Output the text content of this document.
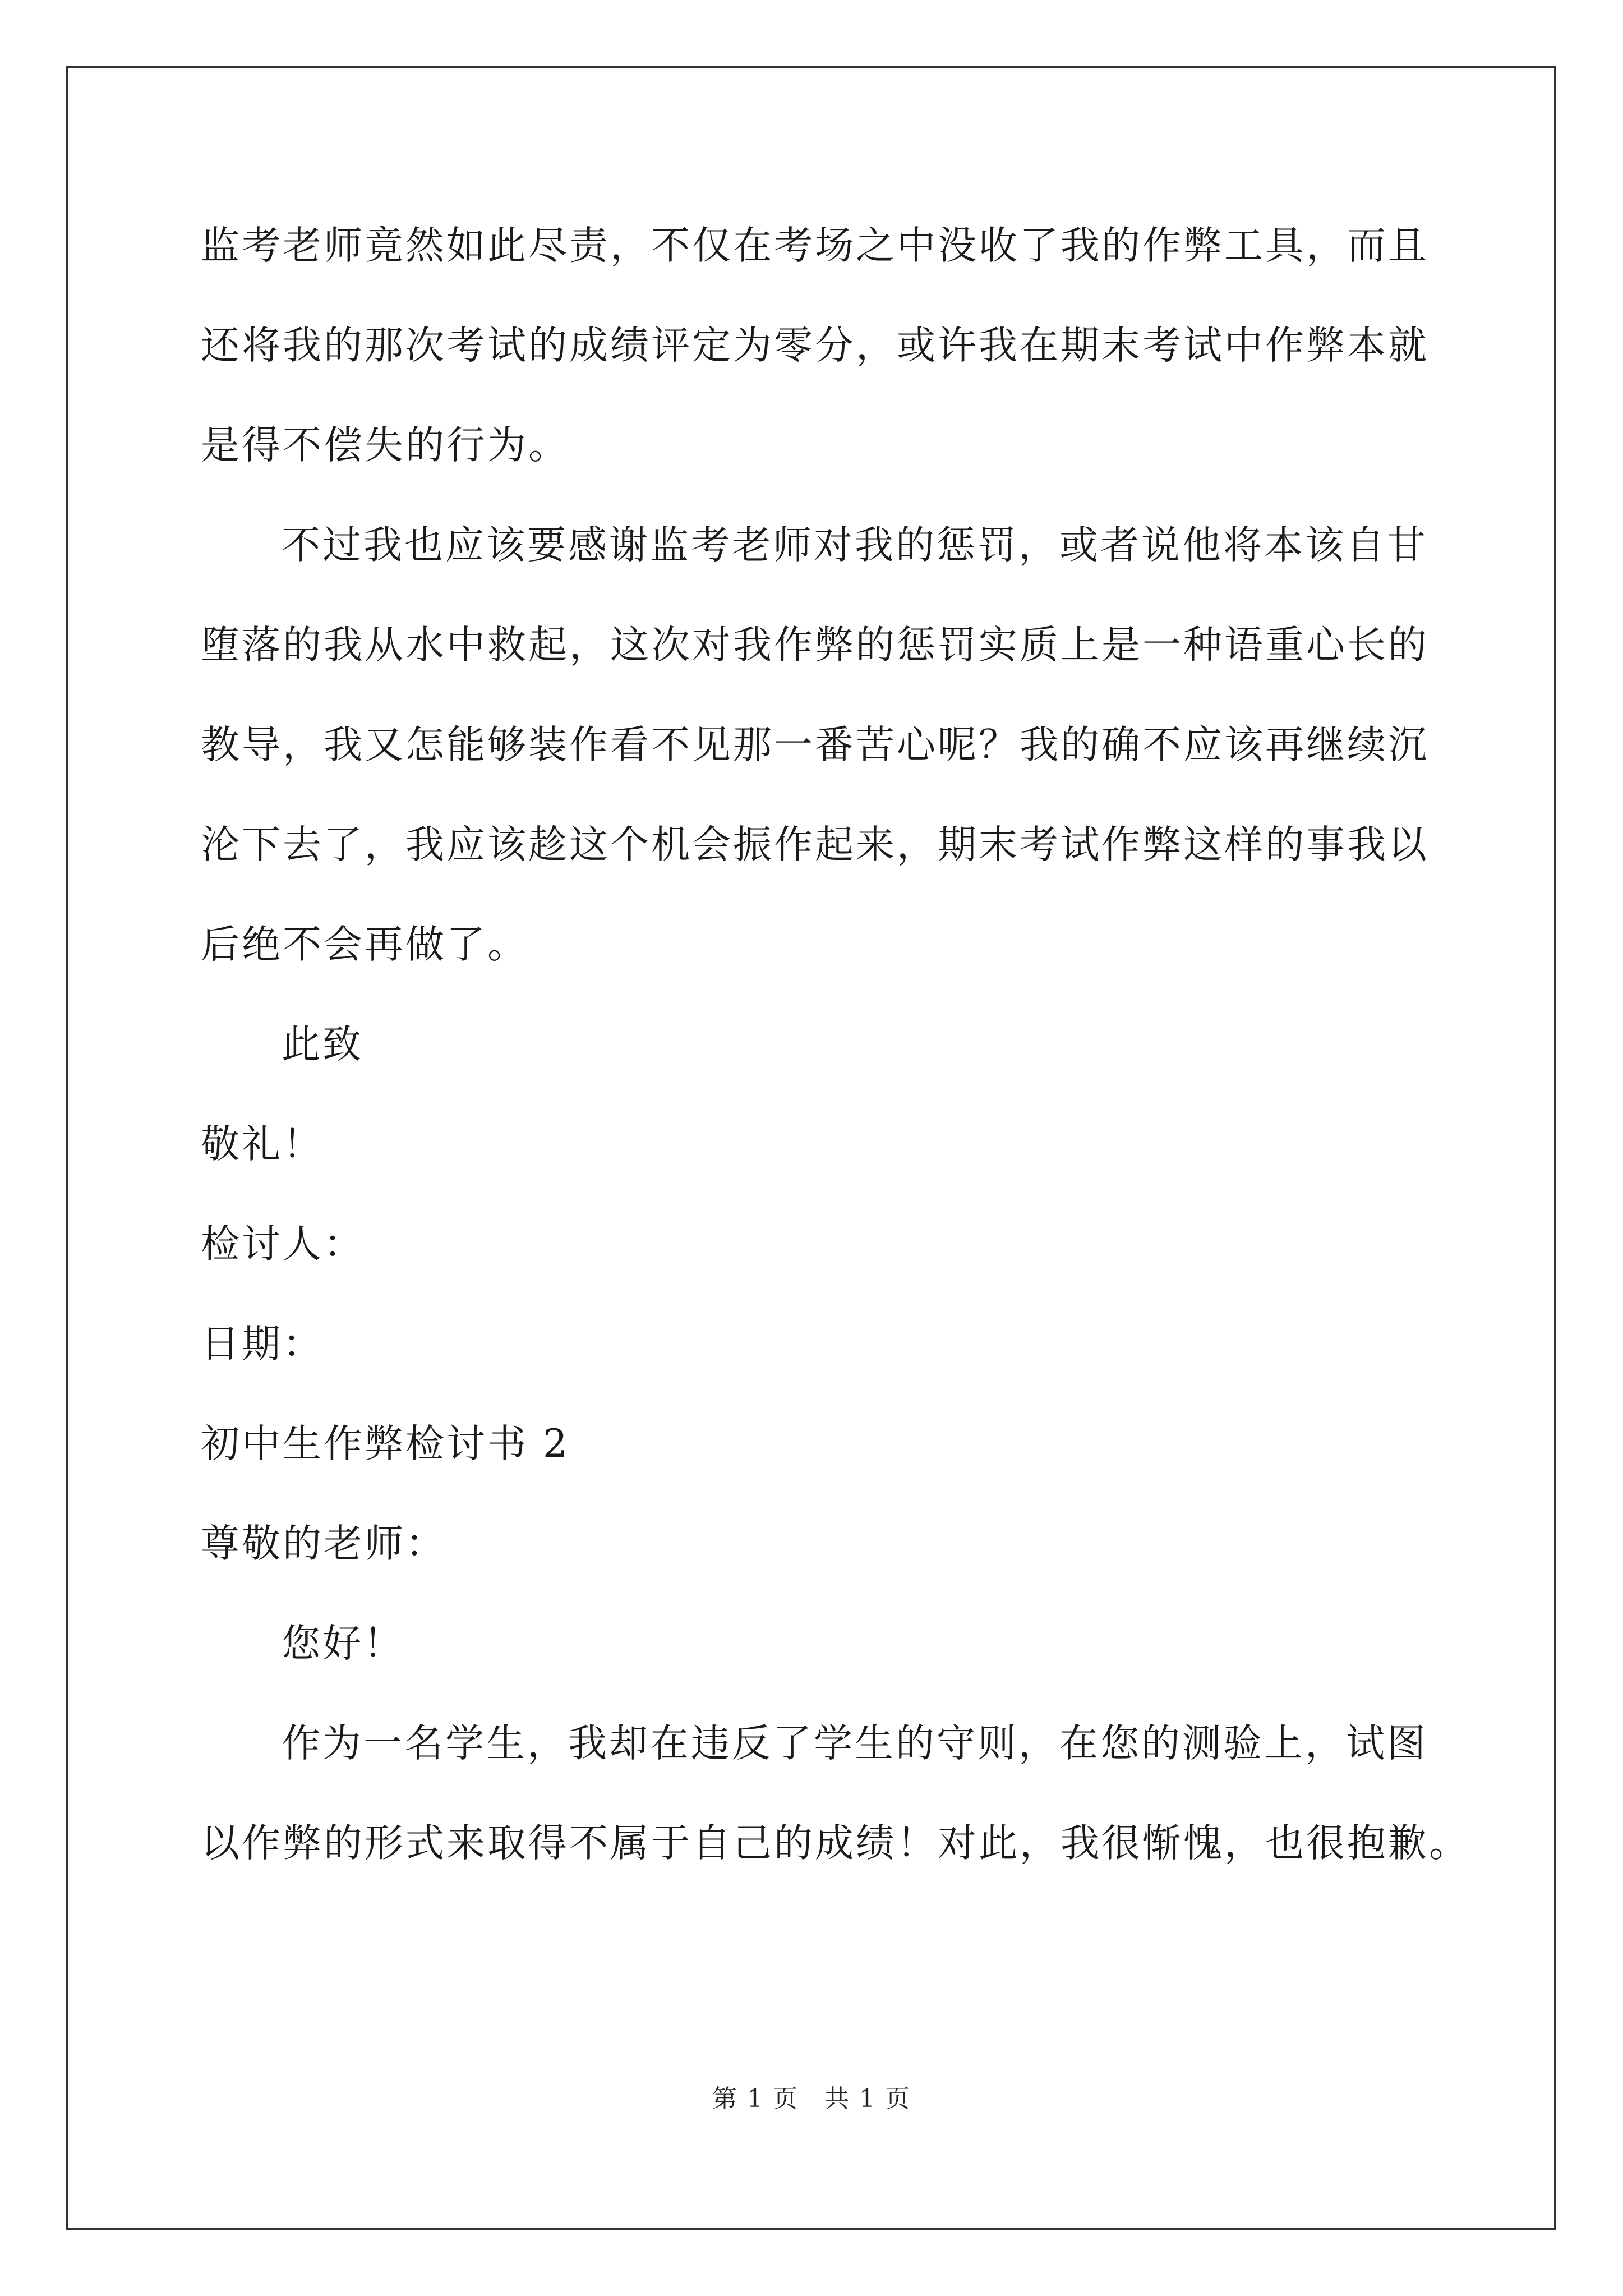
监考老师竟然如此尽责，不仅在考场之中没收了我的作弊工具，而且
还将我的那次考试的成绩评定为零分，或许我在期末考试中作弊本就
是得不偿失的行为。
不过我也应该要感谢监考老师对我的惩罚，或者说他将本该自甘
堕落的我从水中救起，这次对我作弊的惩罚实质上是一种语重心长的
教导，我又怎能够装作看不见那一番苦心呢？我的确不应该再继续沉
沦下去了，我应该趁这个机会振作起来，期末考试作弊这样的事我以
后绝不会再做了。
此致
敬礼！
检讨人：
日期：
初中生作弊检讨书 2
尊敬的老师：
您好！
作为一名学生，我却在违反了学生的守则，在您的测验上，试图
以作弊的形式来取得不属于自己的成绩！对此，我很惭愧，也很抱歉。
第 1 页　共 1 页
